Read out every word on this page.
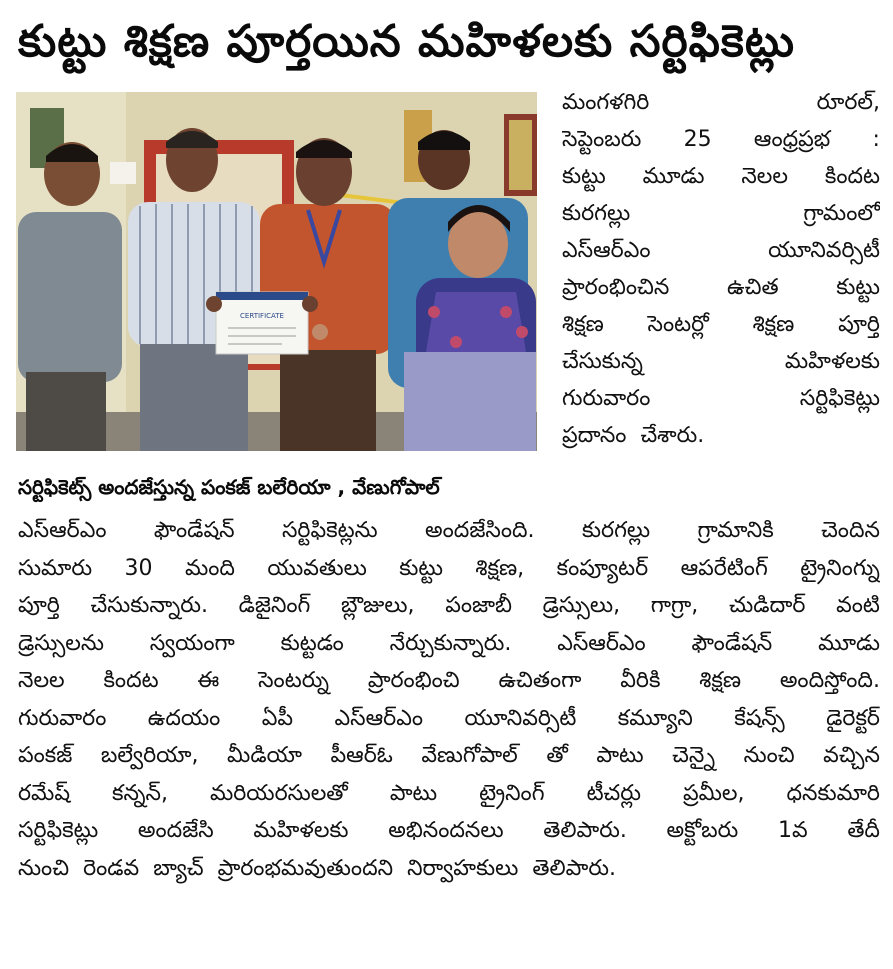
కుట్టు శిక్షణ పూర్తయిన మహిళలకు సర్టిఫికెట్లు
CERTIFICATE
సర్టిఫికెట్స్ అందజేస్తున్న పంకజ్ బలేరియా , వేణుగోపాల్
మంగళగిరి	రూరల్,
సెప్టెంబరు 25 ఆంధ్రప్రభ :
కుట్టు మూడు నెలల కిందట
కురగల్లు	గ్రామంలో
ఎస్ఆర్ఎం	యూనివర్సిటీ
ప్రారంభించిన	ఉచిత	కుట్టు
శిక్షణ సెంటర్లో శిక్షణ పూర్తి
చేసుకున్న	మహిళలకు
గురువారం	సర్టిఫికెట్లు
ప్రదానం చేశారు.
ఎస్ఆర్ఎం ఫౌండేషన్ సర్టిఫికెట్లను అందజేసింది. కురగల్లు గ్రామానికి చెందిన
సుమారు 30 మంది యువతులు కుట్టు శిక్షణ, కంప్యూటర్ ఆపరేటింగ్ ట్రైనింగ్ను
పూర్తి చేసుకున్నారు. డిజైనింగ్ బ్లౌజులు, పంజాబీ డ్రెస్సులు, గాగ్రా, చుడిదార్ వంటి
డ్రెస్సులను స్వయంగా కుట్టడం నేర్చుకున్నారు. ఎస్ఆర్ఎం ఫౌండేషన్ మూడు
నెలల కిందట ఈ సెంటర్ను ప్రారంభించి ఉచితంగా వీరికి శిక్షణ అందిస్తోంది.
గురువారం ఉదయం ఏపీ ఎస్ఆర్ఎం యూనివర్సిటీ కమ్యూని కేషన్స్ డైరెక్టర్
పంకజ్ బల్వేరియా, మీడియా పీఆర్ఓ వేణుగోపాల్ తో పాటు చెన్నై నుంచి వచ్చిన
రమేష్ కన్నన్, మరియరసులతో పాటు ట్రైనింగ్ టీచర్లు ప్రమీల, ధనకుమారి
సర్టిఫికెట్లు అందజేసి మహిళలకు అభినందనలు తెలిపారు. అక్టోబరు 1వ తేదీ
నుంచి రెండవ బ్యాచ్ ప్రారంభమవుతుందని నిర్వాహకులు తెలిపారు.
